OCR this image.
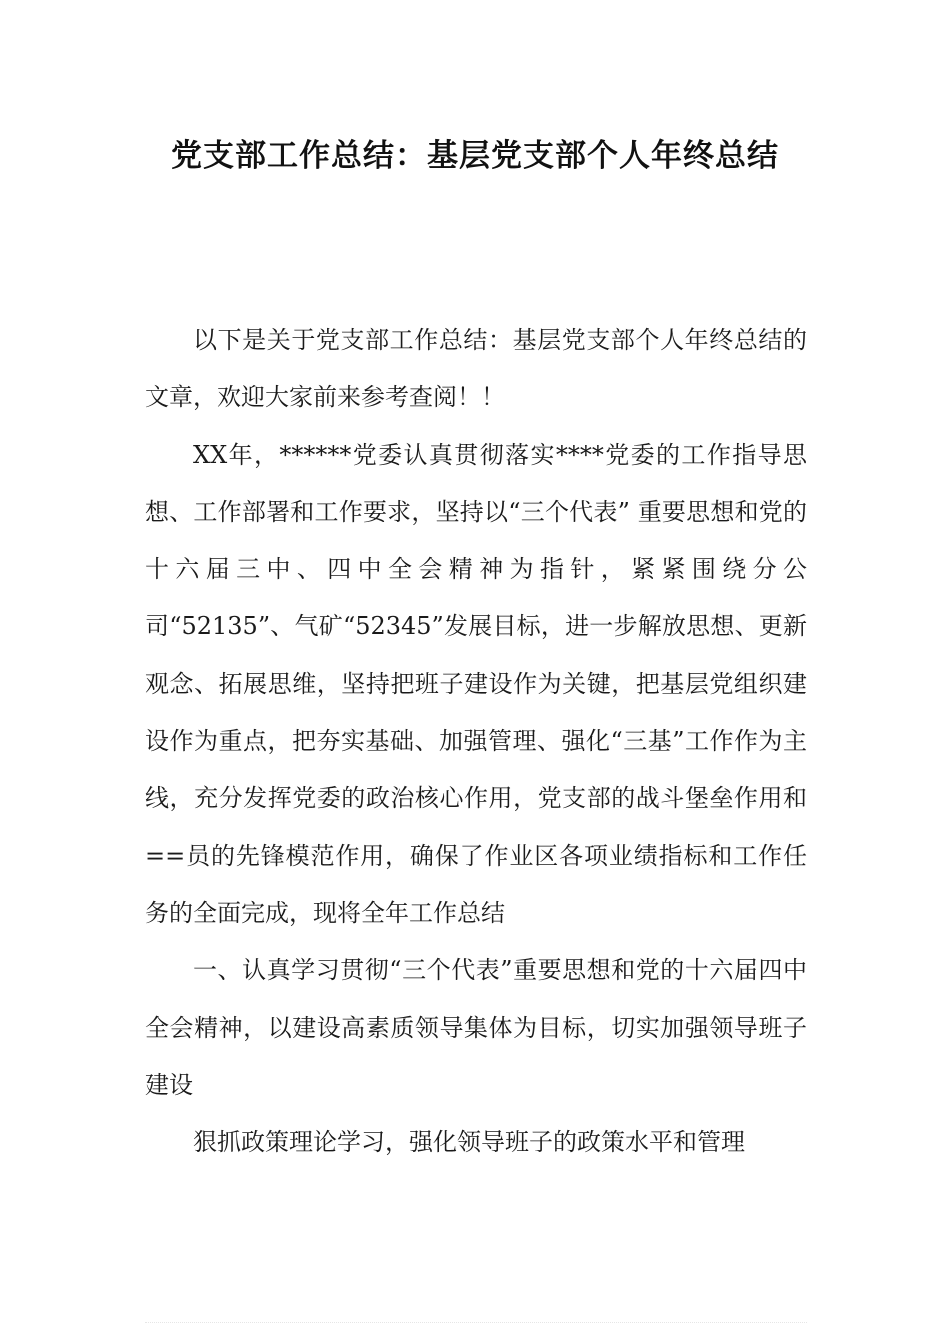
党支部工作总结：基层党支部个人年终总结

以下是关于党支部工作总结：基层党支部个人年终总结的文章，欢迎大家前来参考查阅！！

XX年，******党委认真贯彻落实****党委的工作指导思想、工作部署和工作要求，坚持以“三个代表” 重要思想和党的十六届三中、四中全会精神为指针，紧紧围绕分公司“52135”、气矿“52345”发展目标，进一步解放思想、更新观念、拓展思维，坚持把班子建设作为关键，把基层党组织建设作为重点，把夯实基础、加强管理、强化“三基”工作作为主线，充分发挥党委的政治核心作用，党支部的战斗堡垒作用和==员的先锋模范作用，确保了作业区各项业绩指标和工作任务的全面完成，现将全年工作总结

一、认真学习贯彻“三个代表”重要思想和党的十六届四中全会精神，以建设高素质领导集体为目标，切实加强领导班子建设

狠抓政策理论学习，强化领导班子的政策水平和管理
